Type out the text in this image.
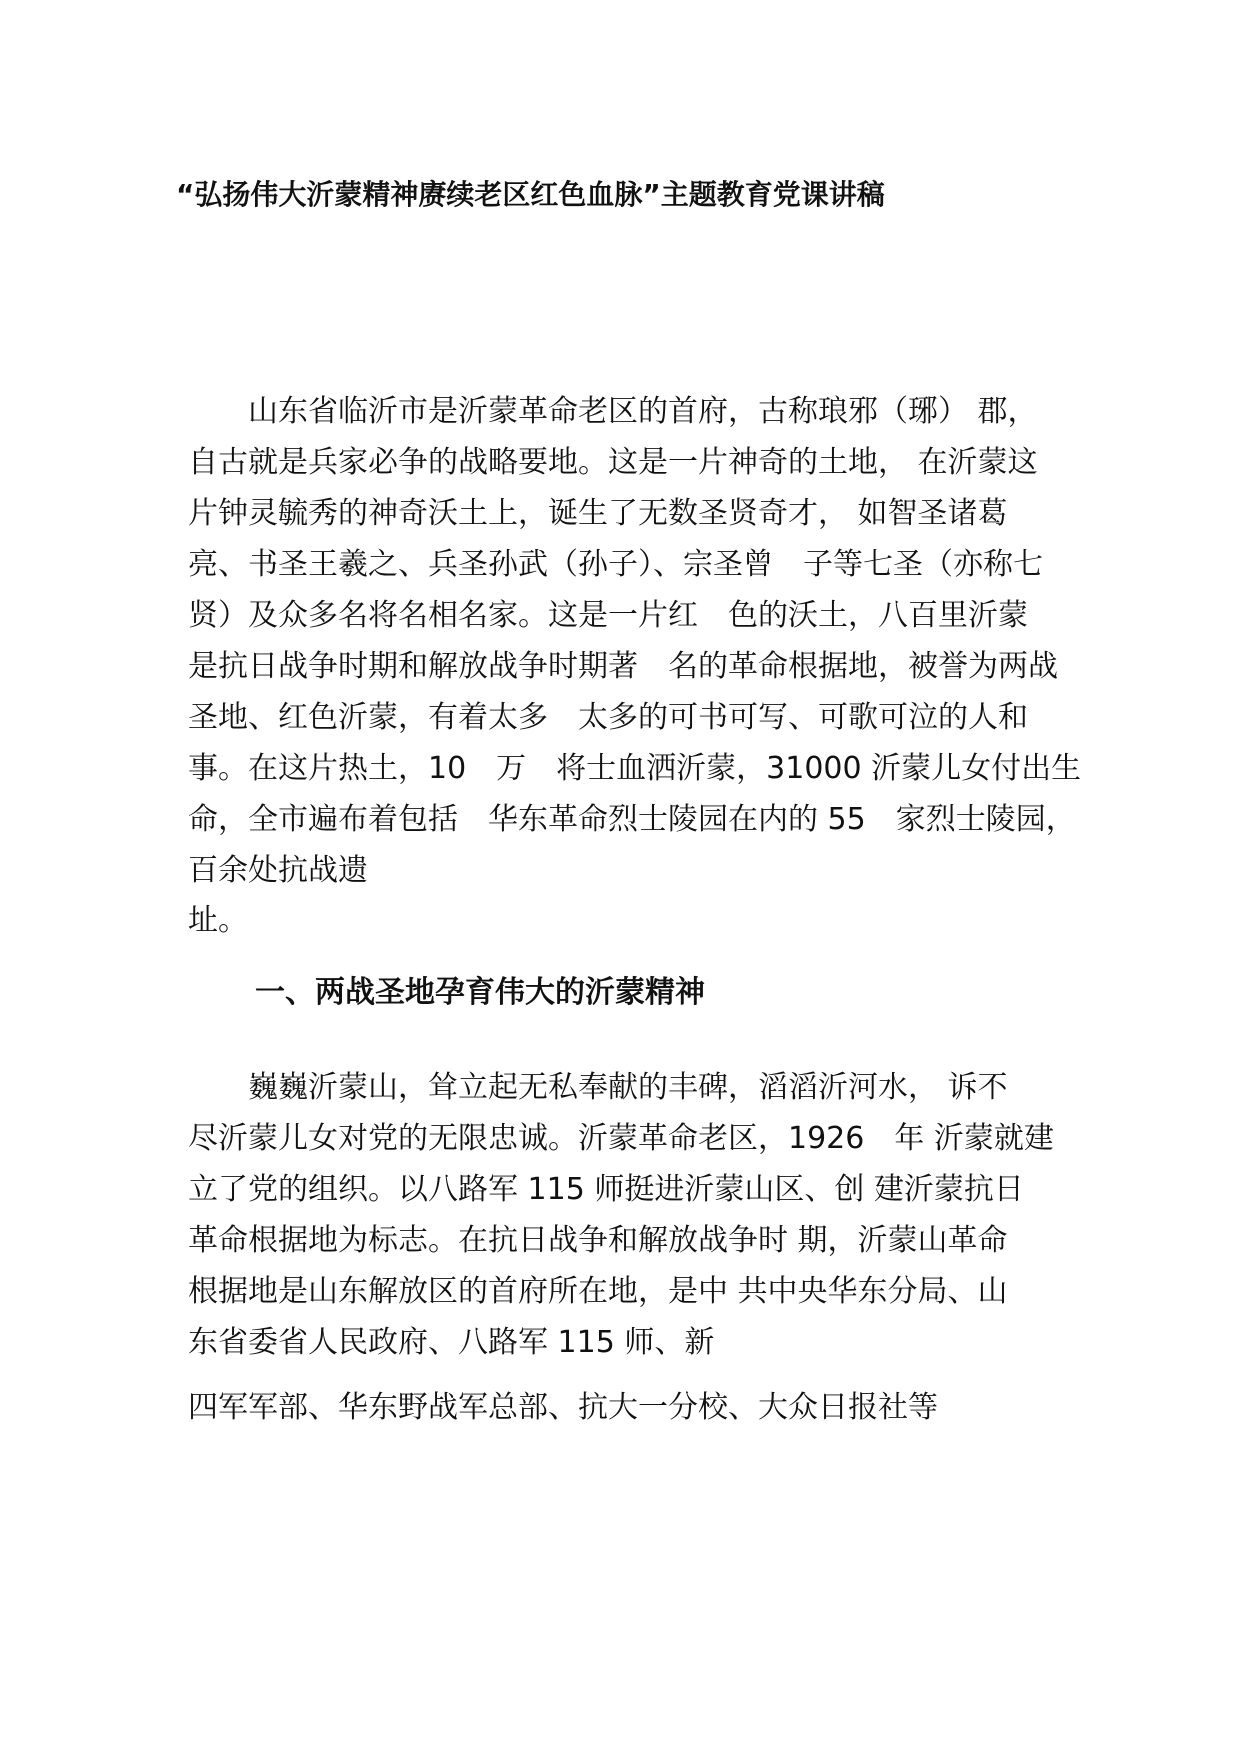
“弘扬伟大沂蒙精神赓续老区红色血脉”主题教育党课讲稿
　　山东省临沂市是沂蒙革命老区的首府，古称琅邪（琊） 郡，
自古就是兵家必争的战略要地。这是一片神奇的土地， 在沂蒙这
片钟灵毓秀的神奇沃土上，诞生了无数圣贤奇才， 如智圣诸葛
亮、书圣王羲之、兵圣孙武（孙子）、宗圣曾　子等七圣（亦称七
贤）及众多名将名相名家。这是一片红　色的沃土，八百里沂蒙
是抗日战争时期和解放战争时期著　名的革命根据地，被誉为两战
圣地、红色沂蒙，有着太多　太多的可书可写、可歌可泣的人和
事。在这片热土，10　万　将士血洒沂蒙，31000 沂蒙儿女付出生
命，全市遍布着包括　华东革命烈士陵园在内的 55　家烈士陵园，
百余处抗战遗
址。
一、两战圣地孕育伟大的沂蒙精神
　　巍巍沂蒙山，耸立起无私奉献的丰碑，滔滔沂河水， 诉不
尽沂蒙儿女对党的无限忠诚。沂蒙革命老区，1926　年 沂蒙就建
立了党的组织。以八路军 115 师挺进沂蒙山区、创 建沂蒙抗日
革命根据地为标志。在抗日战争和解放战争时 期，沂蒙山革命
根据地是山东解放区的首府所在地，是中 共中央华东分局、山
东省委省人民政府、八路军 115 师、新
四军军部、华东野战军总部、抗大一分校、大众日报社等
